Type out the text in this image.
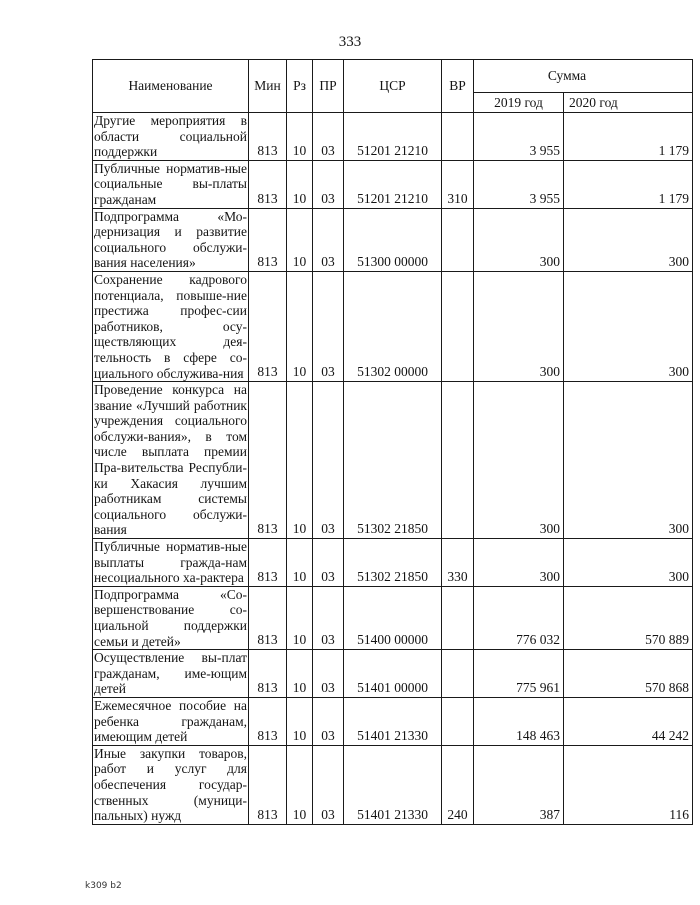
333
Наименование	Мин	Рз	ПР	ЦСР	ВР	Сумма	
						2019 год	2020 год
Другие мероприятия в области социальной поддержки	813	10	03	51201 21210		3 955	1 179
Публичные норматив-ные социальные вы-платы гражданам	813	10	03	51201 21210	310	3 955	1 179
Подпрограмма «Мо-дернизация и развитие социального обслужи-вания населения»	813	10	03	51300 00000		300	300
Сохранение кадрового потенциала, повыше-ние престижа профес-сии работников, осу-ществляющих дея-тельность в сфере со-циального обслужива-ния	813	10	03	51302 00000		300	300
Проведение конкурса на звание «Лучший работник учреждения социального обслужи-вания», в том числе выплата премии Пра-вительства Республи-ки Хакасия лучшим работникам системы социального обслужи-вания	813	10	03	51302 21850		300	300
Публичные норматив-ные выплаты гражда-нам несоциального ха-рактера	813	10	03	51302 21850	330	300	300
Подпрограмма «Со-вершенствование со-циальной поддержки семьи и детей»	813	10	03	51400 00000		776 032	570 889
Осуществление вы-плат гражданам, име-ющим детей	813	10	03	51401 00000		775 961	570 868
Ежемесячное пособие на ребенка гражданам, имеющим детей	813	10	03	51401 21330		148 463	44 242
Иные закупки товаров, работ и услуг для обеспечения государ-ственных (муници-пальных) нужд	813	10	03	51401 21330	240	387	116
k309 b2
